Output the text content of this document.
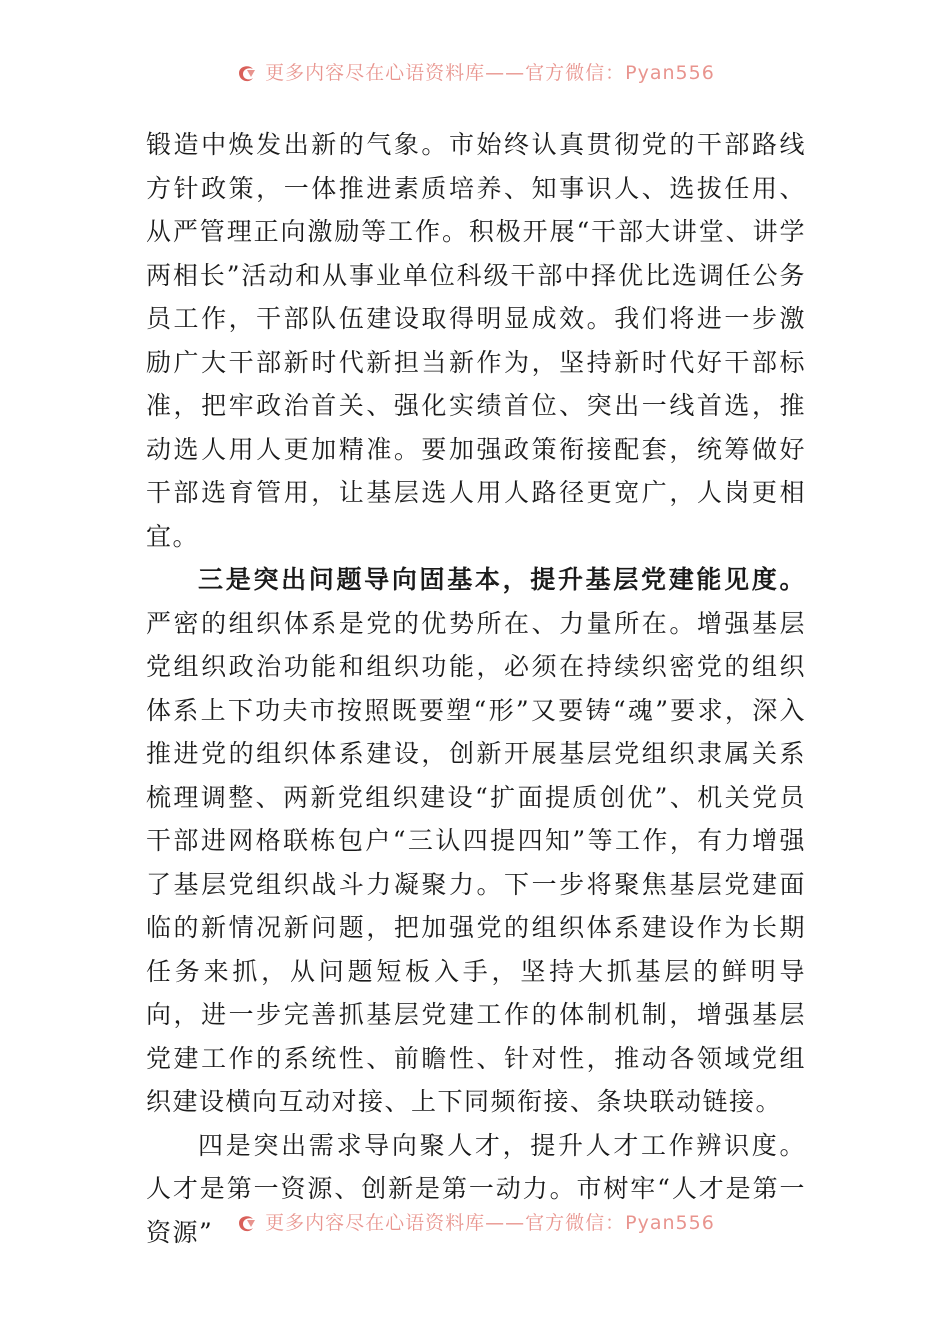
更多内容尽在心语资料库——官方微信：Pyan556

锻造中焕发出新的气象。市始终认真贯彻党的干部路线方针政策，一体推进素质培养、知事识人、选拔任用、从严管理正向激励等工作。积极开展“干部大讲堂、讲学两相长”活动和从事业单位科级干部中择优比选调任公务员工作，干部队伍建设取得明显成效。我们将进一步激励广大干部新时代新担当新作为，坚持新时代好干部标准，把牢政治首关、强化实绩首位、突出一线首选，推动选人用人更加精准。要加强政策衔接配套，统筹做好干部选育管用，让基层选人用人路径更宽广，人岗更相宜。

三是突出问题导向固基本，提升基层党建能见度。严密的组织体系是党的优势所在、力量所在。增强基层党组织政治功能和组织功能，必须在持续织密党的组织体系上下功夫市按照既要塑“形”又要铸“魂”要求，深入推进党的组织体系建设，创新开展基层党组织隶属关系梳理调整、两新党组织建设“扩面提质创优”、机关党员干部进网格联栋包户“三认四提四知”等工作，有力增强了基层党组织战斗力凝聚力。下一步将聚焦基层党建面临的新情况新问题，把加强党的组织体系建设作为长期任务来抓，从问题短板入手，坚持大抓基层的鲜明导向，进一步完善抓基层党建工作的体制机制，增强基层党建工作的系统性、前瞻性、针对性，推动各领域党组织建设横向互动对接、上下同频衔接、条块联动链接。

四是突出需求导向聚人才，提升人才工作辨识度。人才是第一资源、创新是第一动力。市树牢“人才是第一资源”	更多内容尽在心语资料库——官方微信：Pyan556
